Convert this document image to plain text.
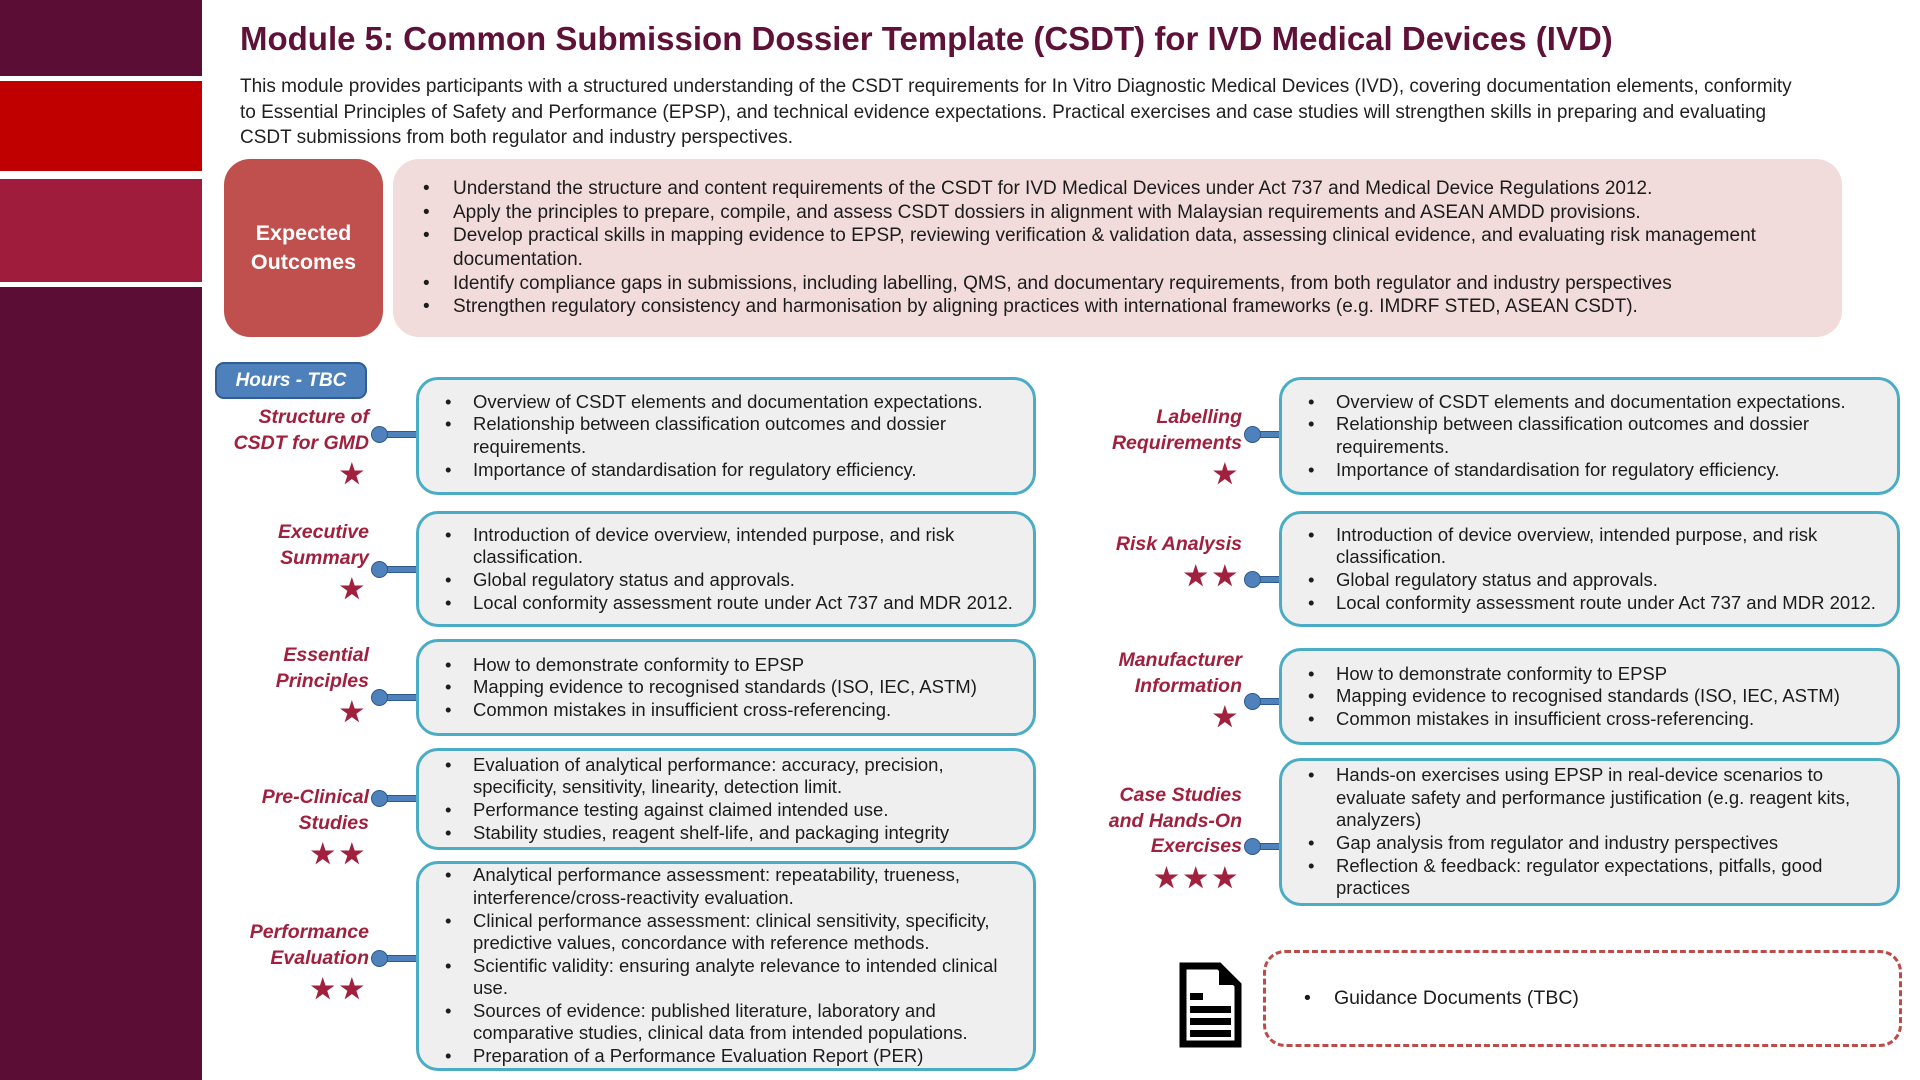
Module 5: Common Submission Dossier Template (CSDT) for IVD Medical Devices (IVD)
This module provides participants with a structured understanding of the CSDT requirements for In Vitro Diagnostic Medical Devices (IVD), covering documentation elements, conformity to Essential Principles of Safety and Performance (EPSP), and technical evidence expectations. Practical exercises and case studies will strengthen skills in preparing and evaluating CSDT submissions from both regulator and industry perspectives.
Expected Outcomes
• Understand the structure and content requirements of the CSDT for IVD Medical Devices under Act 737 and Medical Device Regulations 2012.
• Apply the principles to prepare, compile, and assess CSDT dossiers in alignment with Malaysian requirements and ASEAN AMDD provisions.
• Develop practical skills in mapping evidence to EPSP, reviewing verification & validation data, assessing clinical evidence, and evaluating risk management documentation.
• Identify compliance gaps in submissions, including labelling, QMS, and documentary requirements, from both regulator and industry perspectives
• Strengthen regulatory consistency and harmonisation by aligning practices with international frameworks (e.g. IMDRF STED, ASEAN CSDT).
Hours - TBC
Structure of
CSDT for GMD
★
• Overview of CSDT elements and documentation expectations.
• Relationship between classification outcomes and dossier requirements.
• Importance of standardisation for regulatory efficiency.
Executive
Summary
★
• Introduction of device overview, intended purpose, and risk classification.
• Global regulatory status and approvals.
• Local conformity assessment route under Act 737 and MDR 2012.
Essential
Principles
★
• How to demonstrate conformity to EPSP
• Mapping evidence to recognised standards (ISO, IEC, ASTM)
• Common mistakes in insufficient cross-referencing.
Pre-Clinical
Studies
★★
• Evaluation of analytical performance: accuracy, precision, specificity, sensitivity, linearity, detection limit.
• Performance testing against claimed intended use.
• Stability studies, reagent shelf-life, and packaging integrity
Performance
Evaluation
★★
• Analytical performance assessment: repeatability, trueness, interference/cross-reactivity evaluation.
• Clinical performance assessment: clinical sensitivity, specificity, predictive values, concordance with reference methods.
• Scientific validity: ensuring analyte relevance to intended clinical use.
• Sources of evidence: published literature, laboratory and comparative studies, clinical data from intended populations.
• Preparation of a Performance Evaluation Report (PER)
Labelling
Requirements
★
• Overview of CSDT elements and documentation expectations.
• Relationship between classification outcomes and dossier requirements.
• Importance of standardisation for regulatory efficiency.
Risk Analysis
★★
• Introduction of device overview, intended purpose, and risk classification.
• Global regulatory status and approvals.
• Local conformity assessment route under Act 737 and MDR 2012.
Manufacturer
Information
★
• How to demonstrate conformity to EPSP
• Mapping evidence to recognised standards (ISO, IEC, ASTM)
• Common mistakes in insufficient cross-referencing.
Case Studies
and Hands-On
Exercises
★★★
• Hands-on exercises using EPSP in real-device scenarios to evaluate safety and performance justification (e.g. reagent kits, analyzers)
• Gap analysis from regulator and industry perspectives
• Reflection & feedback: regulator expectations, pitfalls, good practices
• Guidance Documents (TBC)
